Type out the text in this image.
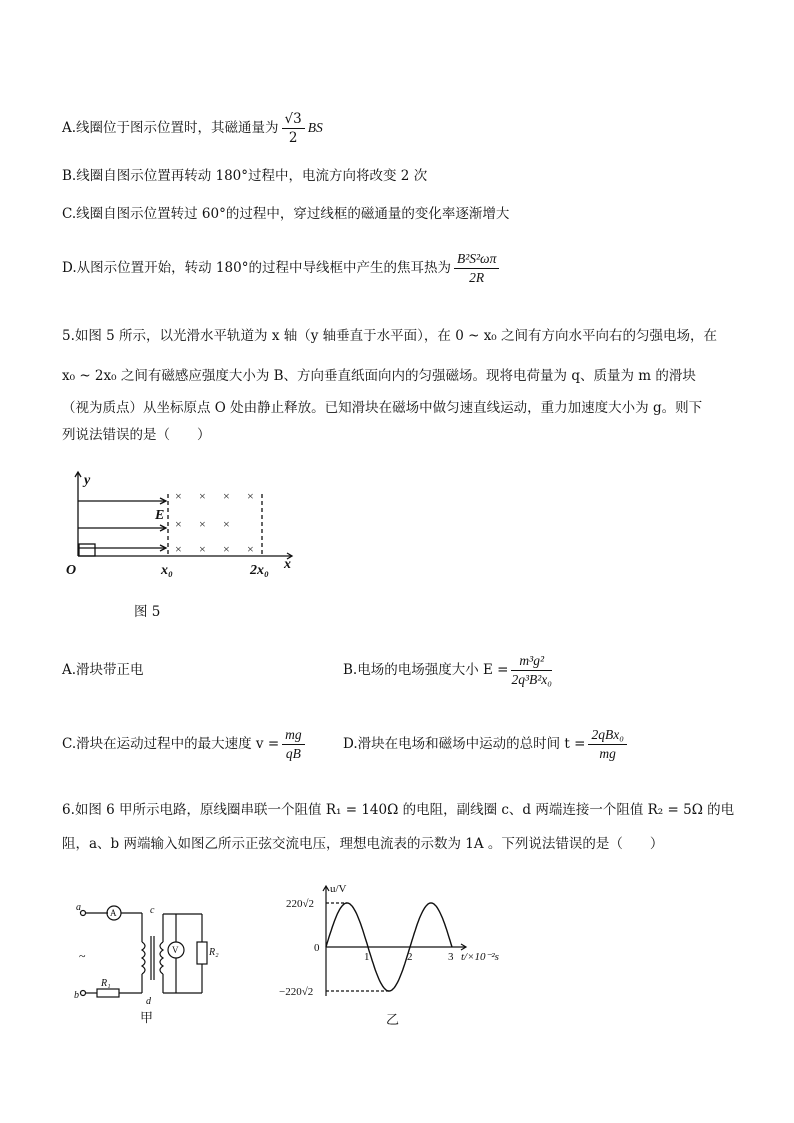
A.线圈位于图示位置时，其磁通量为 $\frac{√3}{2}$ BS
B.线圈自图示位置再转动 180°过程中，电流方向将改变 2 次
C.线圈自图示位置转过 60°的过程中，穿过线框的磁通量的变化率逐渐增大
D.从图示位置开始，转动 180°的过程中导线框中产生的焦耳热为 $\frac{\text{B²S²ωπ}}{2R}$
5.如图 5 所示，以光滑水平轨道为 x 轴（y 轴垂直于水平面），在 0 ~ x₀ 之间有方向水平向右的匀强电场，在
x₀ ~ 2x₀ 之间有磁感应强度大小为 B、方向垂直纸面向内的匀强磁场。现将电荷量为 q、质量为 m 的滑块
（视为质点）从坐标原点 O 处由静止释放。已知滑块在磁场中做匀速直线运动，重力加速度大小为 g。则下
列说法错误的是（　　）
× × × ×
× × ×
× × × ×
y
E
O	x₀	2x₀ x
图 5
A.滑块带正电	B.电场的电场强度大小 $E = \frac{\text{m³g²}}{\text{2q³B²x₀}}$
C.滑块在运动过程中的最大速度 $v = \frac{mg}{qB}$	D.滑块在电场和磁场中运动的总时间 $t = \frac{\text{2qBx₀}}{mg}$
6.如图 6 甲所示电路，原线圈串联一个阻值 R₁ = 140Ω 的电阻，副线圈 c、d 两端连接一个阻值 R₂ = 5Ω 的电
阻，a、b 两端输入如图乙所示正弦交流电压，理想电流表的示数为 1A 。下列说法错误的是（　　）
a
b
c
d
R₁
R₂
A
V
~
甲
u/V
220√2
0
−220√2
1	2	3 t/×10⁻²s
乙
